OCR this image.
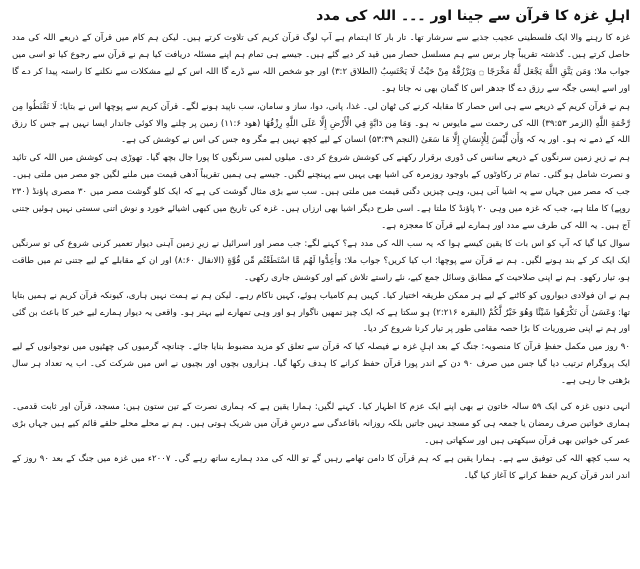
اہلِ غزہ کا قرآن سے جینا اور ۔۔۔ اللہ کی مدد

غزہ کا رہنے والا ایک فلسطینی عجیب جذبے سے سرشار تھا۔ تار بار کا اہتمام ہے آپ لوگ قرآن کریم کی تلاوت کرتے ہیں۔ لیکن ہم کام میں قرآن کے ذریعے اللہ کی مدد حاصل کرتے ہیں۔ گذشتہ تقریباً چار برس سے ہم مسلسل حصار میں قید کر دیے گئے ہیں۔ جیسے ہی تمام ہم اپنے مسئلہ دریافت کیا ہم نے قرآن سے رجوع کیا تو اسی میں جواب ملا: وَمَن يَتَّقِ اللَّهَ يَجْعَل لَّهُ مَخْرَجًا ۝ وَيَرْزُقْهُ مِنْ حَيْثُ لَا يَحْتَسِبُ (الطلاق ۳:۲) اور جو شخص اللہ سے ڈرے گا اللہ اس کے لیے مشکلات سے نکلنے کا راستہ پیدا کر دے گا اور اسے ایسی جگہ سے رزق دے گا جدھر اس کا گمان بھی نہ جاتا ہو۔

ہم نے قرآن کریم کے ذریعے سے ہی اس حصار کا مقابلہ کرنے کی ٹھان لی۔ غذا، پانی، دوا، ساز و سامان، سب ناپید ہونے لگے۔ قرآن کریم سے پوچھا اس نے بتایا: لَا تَقْنَطُوا مِن رَّحْمَةِ اللَّهِ (الزمر ۳۹:۵۳) اللہ کی رحمت سے مایوس نہ ہو۔ وَمَا مِن دَابَّةٍ فِي الْأَرْضِ إِلَّا عَلَى اللَّهِ رِزْقُهَا (ھود ۱۱:۶) زمین پر چلنے والا کوئی جاندار ایسا نہیں ہے جس کا رزق اللہ کے ذمے نہ ہو۔ اور یہ کہ وَأَن لَّيْسَ لِلْإِنسَانِ إِلَّا مَا سَعَىٰ (النجم ۵۳:۳۹) انسان کے لیے کچھ نہیں ہے مگر وہ جس کی اس نے کوشش کی ہے۔

ہم نے زیرِ زمین سرنگوں کے ذریعے سانس کی ڈوری برقرار رکھنے کی کوشش شروع کر دی۔ میلوں لمبی سرنگوں کا پورا جال بچھ گیا۔ تھوڑی ہی کوشش میں اللہ کی تائید و نصرت شامل ہو گئی۔ تمام تر رکاوٹوں کے باوجود روزمرہ کی اشیا بھی یہیں سے پہنچنے لگیں۔ جیسے ہی ہمیں تقریباً آدھی قیمت میں ملنے لگیں جو مصر میں ملتی ہیں۔ جب کہ مصر میں جہاں سے یہ اشیا آتی ہیں، وہی چیزیں دگنی قیمت میں ملتی ہیں۔ سب سے بڑی مثال گوشت کی ہے کہ ایک کلو گوشت مصر میں ۳۰ مصری پاؤنڈ (۲۳۰ روپے) کا ملتا ہے، جب کہ غزہ میں وہی ۲۰ پاؤنڈ کا ملتا ہے۔ اسی طرح دیگر اشیا بھی ارزاں ہیں۔ غزہ کی تاریخ میں کبھی اشیائے خورد و نوش اتنی سستی نہیں ہوئیں جتنی آج ہیں۔ یہ اللہ کی طرف سے مدد اور ہمارے لیے قرآن کا معجزہ ہے۔

سوال کیا گیا کہ آپ کو اس بات کا یقین کیسے ہوا کہ یہ سب اللہ کی مدد ہے؟ کہنے لگے: جب مصر اور اسرائیل نے زیرِ زمین آہنی دیوار تعمیر کرنی شروع کی تو سرنگیں ایک ایک کر کے بند ہونے لگیں۔ ہم نے قرآن سے پوچھا: اب کیا کریں؟ جواب ملا: وَأَعِدُّوا لَهُم مَّا اسْتَطَعْتُم مِّن قُوَّةٍ (الانفال ۸:۶۰) اور ان کے مقابلے کے لیے جتنی تم میں طاقت ہو، تیار رکھو۔ ہم نے اپنی صلاحیت کے مطابق وسائل جمع کیے، نئے راستے تلاش کیے اور کوشش جاری رکھی۔

ہم نے ان فولادی دیواروں کو کاٹنے کے لیے ہر ممکن طریقہ اختیار کیا۔ کہیں ہم کامیاب ہوئے، کہیں ناکام رہے۔ لیکن ہم نے ہمت نہیں ہاری، کیونکہ قرآن کریم نے ہمیں بتایا تھا: وَعَسَىٰ أَن تَكْرَهُوا شَيْئًا وَهُوَ خَيْرٌ لَّكُمْ (البقرہ ۲:۲۱۶) ہو سکتا ہے کہ ایک چیز تمھیں ناگوار ہو اور وہی تمھارے لیے بہتر ہو۔ واقعی یہ دیوار ہمارے لیے خیر کا باعث بن گئی اور ہم نے اپنی ضروریات کا بڑا حصہ مقامی طور پر تیار کرنا شروع کر دیا۔

۹۰ روز میں مکمل حفظِ قرآن کا منصوبہ: جنگ کے بعد اہلِ غزہ نے فیصلہ کیا کہ قرآن سے تعلق کو مزید مضبوط بنایا جائے۔ چنانچہ گرمیوں کی چھٹیوں میں نوجوانوں کے لیے ایک پروگرام ترتیب دیا گیا جس میں صرف ۹۰ دن کے اندر پورا قرآن حفظ کرانے کا ہدف رکھا گیا۔ ہزاروں بچوں اور بچیوں نے اس میں شرکت کی۔ اب یہ تعداد ہر سال بڑھتی جا رہی ہے۔

انہی دنوں غزہ کی ایک ۵۹ سالہ خاتون نے بھی اپنے ایک عزم کا اظہار کیا۔ کہنے لگیں: ہمارا یقین ہے کہ ہماری نصرت کے تین ستون ہیں: مسجد، قرآن اور ثابت قدمی۔ ہماری خواتین صرف رمضان یا جمعہ ہی کو مسجد نہیں جاتیں بلکہ روزانہ باقاعدگی سے درسِ قرآن میں شریک ہوتی ہیں۔ ہم نے محلے محلے حلقے قائم کیے ہیں جہاں بڑی عمر کی خواتین بھی قرآن سیکھتی ہیں اور سکھاتی ہیں۔

یہ سب کچھ اللہ کی توفیق سے ہے۔ ہمارا یقین ہے کہ ہم قرآن کا دامن تھامے رہیں گے تو اللہ کی مدد ہمارے ساتھ رہے گی۔ ۲۰۰۷ء میں غزہ میں جنگ کے بعد ۹۰ روز کے اندر اندر قرآن کریم حفظ کرانے کا آغاز کیا گیا۔
